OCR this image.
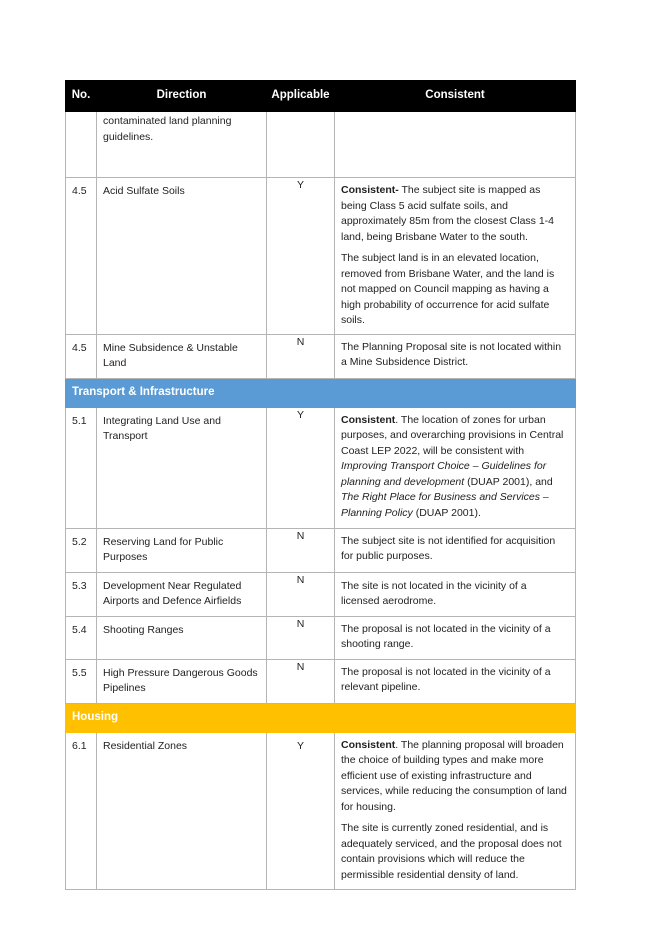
No.	Direction	Applicable	Consistent
	contaminated land planning guidelines.		
4.5	Acid Sulfate Soils	Y	Consistent- The subject site is mapped as being Class 5 acid sulfate soils, and approximately 85m from the closest Class 1-4 land, being Brisbane Water to the south.

The subject land is in an elevated location, removed from Brisbane Water, and the land is not mapped on Council mapping as having a high probability of occurrence for acid sulfate soils.

4.5	Mine Subsidence & Unstable Land	N	The Planning Proposal site is not located within a Mine Subsidence District.
Transport & Infrastructure			
5.1	Integrating Land Use and Transport	Y	Consistent. The location of zones for urban purposes, and overarching provisions in Central Coast LEP 2022, will be consistent with Improving Transport Choice – Guidelines for planning and development (DUAP 2001), and The Right Place for Business and Services – Planning Policy (DUAP 2001).

5.2	Reserving Land for Public Purposes	N	The subject site is not identified for acquisition for public purposes.
5.3	Development Near Regulated Airports and Defence Airfields	N	The site is not located in the vicinity of a licensed aerodrome.
5.4	Shooting Ranges	N	The proposal is not located in the vicinity of a shooting range.
5.5	High Pressure Dangerous Goods Pipelines	N	The proposal is not located in the vicinity of a relevant pipeline.
Housing			
6.1	Residential Zones	Y	Consistent. The planning proposal will broaden the choice of building types and make more efficient use of existing infrastructure and services, while reducing the consumption of land for housing.

The site is currently zoned residential, and is adequately serviced, and the proposal does not contain provisions which will reduce the permissible residential density of land.
